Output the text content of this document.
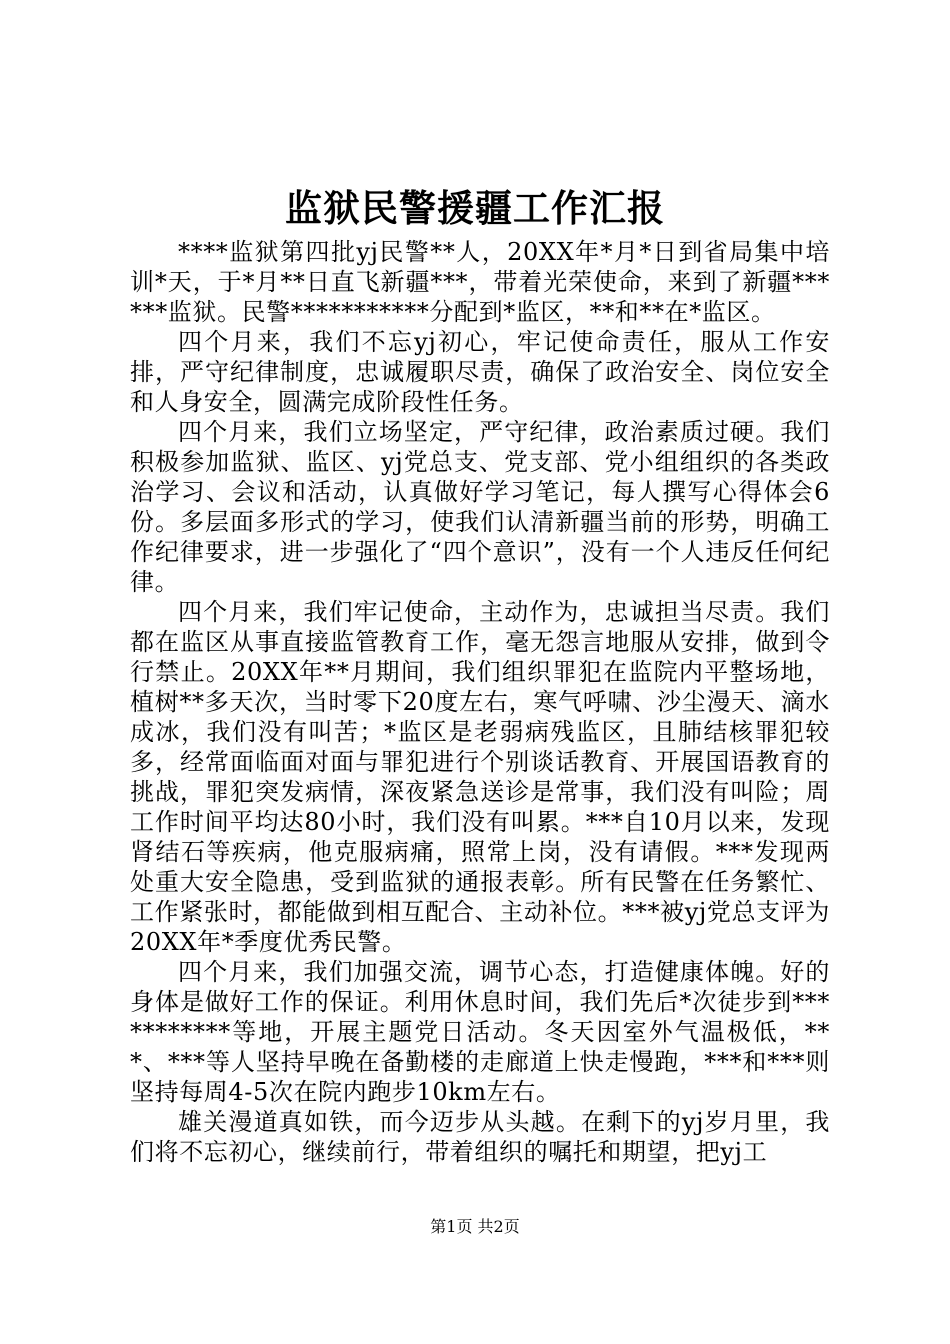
监狱民警援疆工作汇报

****监狱第四批yj民警**人，20XX年*月*日到省局集中培训*天，于*月**日直飞新疆***，带着光荣使命，来到了新疆******监狱。民警***********分配到*监区，**和**在*监区。

四个月来，我们不忘yj初心，牢记使命责任，服从工作安排，严守纪律制度，忠诚履职尽责，确保了政治安全、岗位安全和人身安全，圆满完成阶段性任务。

四个月来，我们立场坚定，严守纪律，政治素质过硬。我们积极参加监狱、监区、yj党总支、党支部、党小组组织的各类政治学习、会议和活动，认真做好学习笔记，每人撰写心得体会6份。多层面多形式的学习，使我们认清新疆当前的形势，明确工作纪律要求，进一步强化了“四个意识”，没有一个人违反任何纪律。

四个月来，我们牢记使命，主动作为，忠诚担当尽责。我们都在监区从事直接监管教育工作，毫无怨言地服从安排，做到令行禁止。20XX年**月期间，我们组织罪犯在监院内平整场地，植树**多天次，当时零下20度左右，寒气呼啸、沙尘漫天、滴水成冰，我们没有叫苦；*监区是老弱病残监区，且肺结核罪犯较多，经常面临面对面与罪犯进行个别谈话教育、开展国语教育的挑战，罪犯突发病情，深夜紧急送诊是常事，我们没有叫险；周工作时间平均达80小时，我们没有叫累。***自10月以来，发现肾结石等疾病，他克服病痛，照常上岗，没有请假。***发现两处重大安全隐患，受到监狱的通报表彰。所有民警在任务繁忙、工作紧张时，都能做到相互配合、主动补位。***被yj党总支评为20XX年*季度优秀民警。

四个月来，我们加强交流，调节心态，打造健康体魄。好的身体是做好工作的保证。利用休息时间，我们先后*次徒步到***********等地，开展主题党日活动。冬天因室外气温极低，***、***等人坚持早晚在备勤楼的走廊道上快走慢跑，***和***则坚持每周4-5次在院内跑步10km左右。

雄关漫道真如铁，而今迈步从头越。在剩下的yj岁月里，我们将不忘初心，继续前行，带着组织的嘱托和期望，把yj工

第1页 共2页
